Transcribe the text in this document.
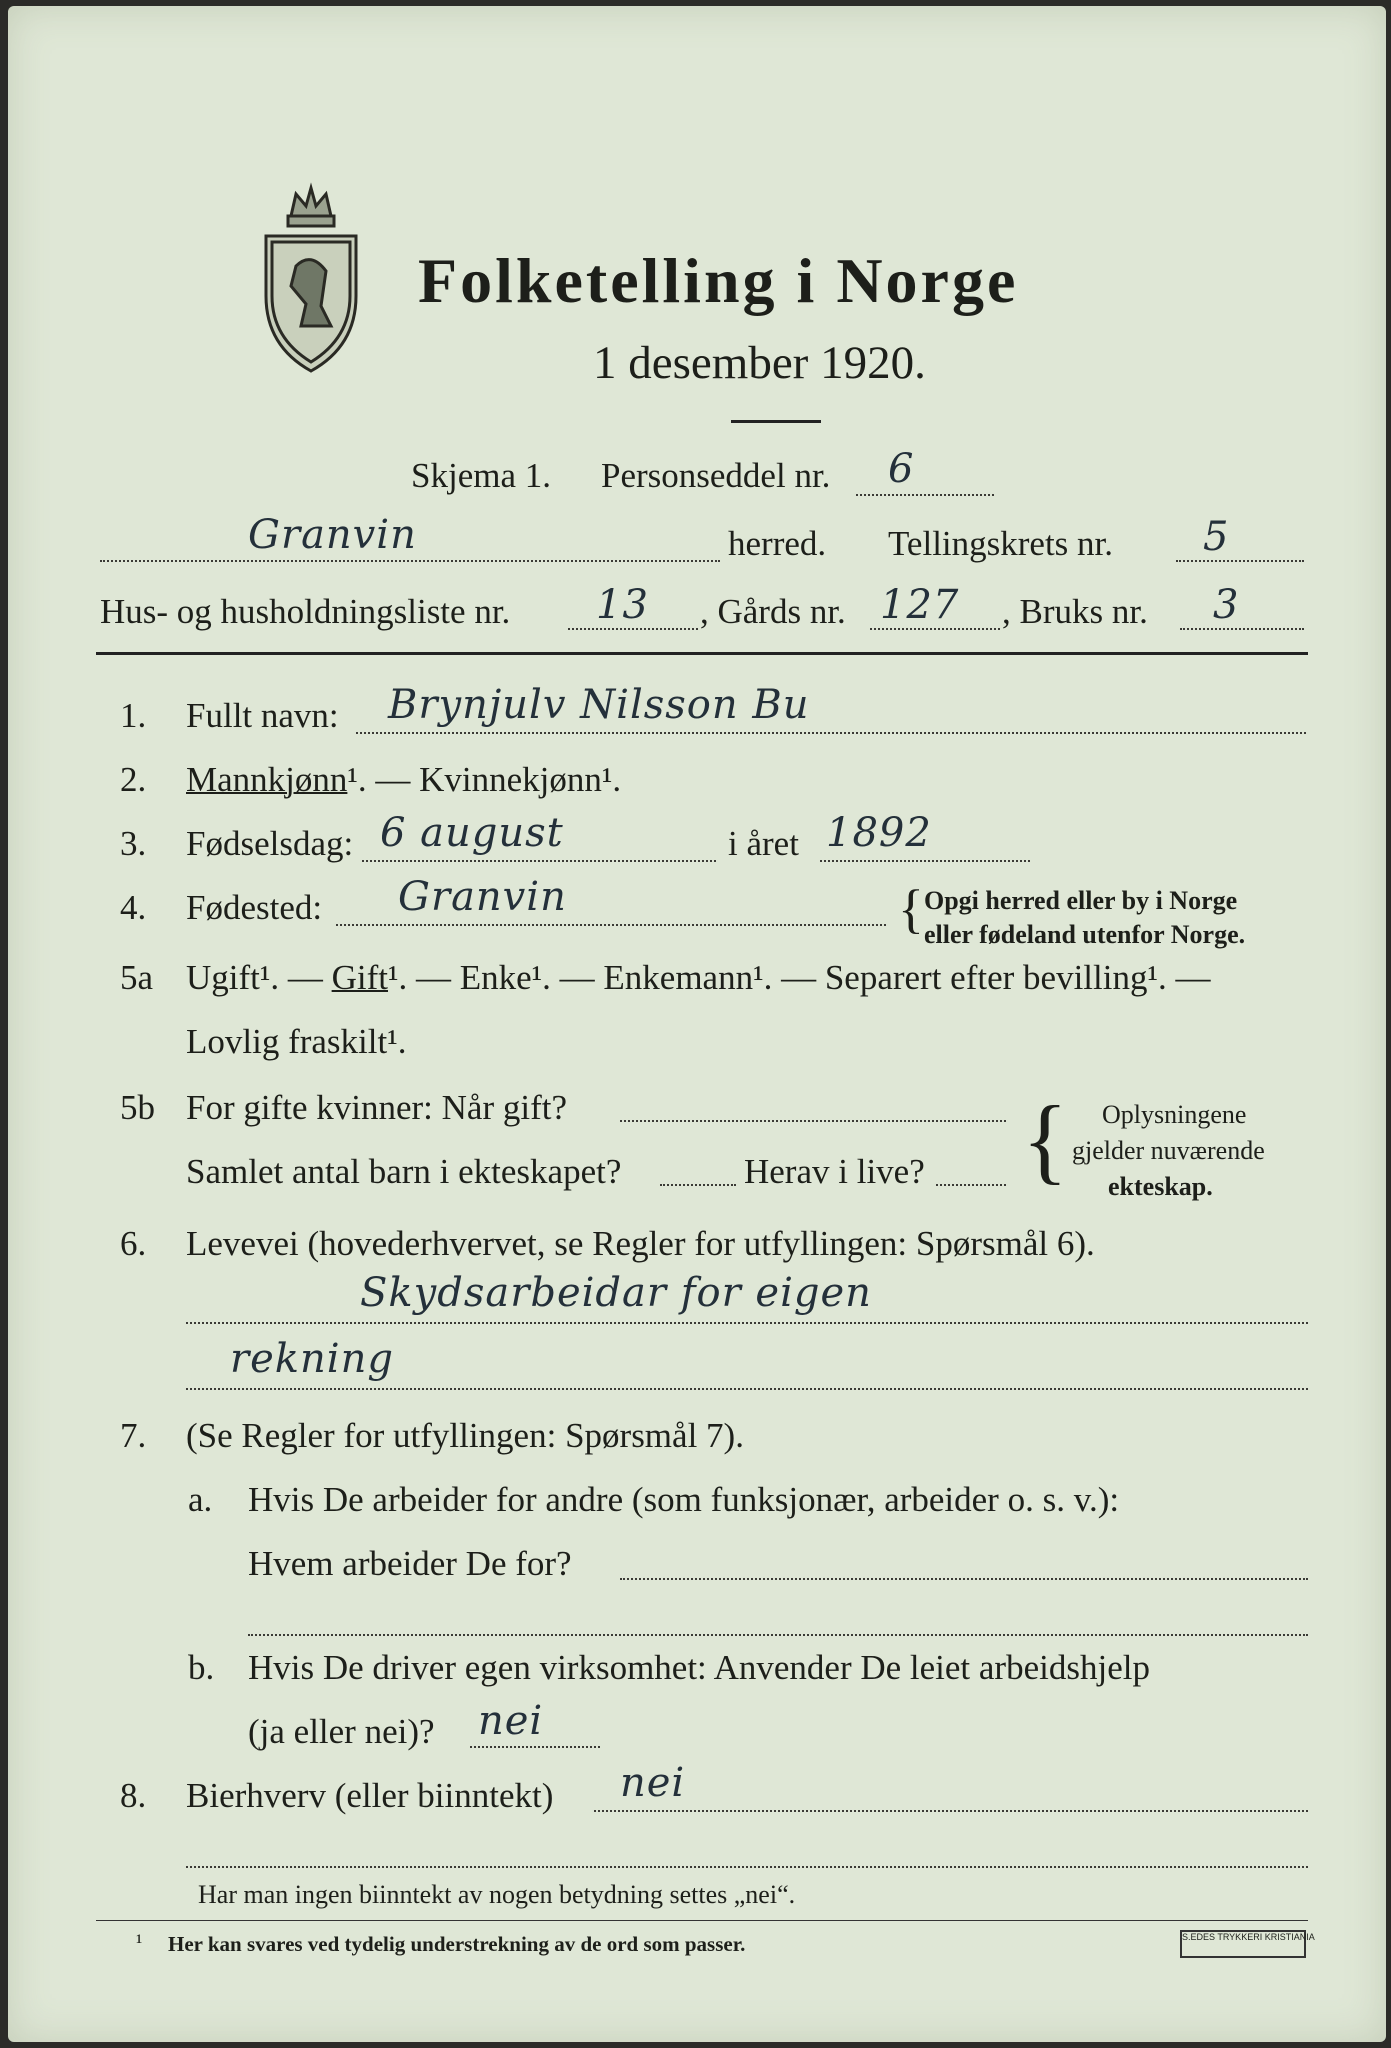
Folketelling i Norge
1 desember 1920.
Skjema 1. Personseddel nr. 6
Granvin	herred. Tellingskrets nr. 5
Hus- og husholdningsliste nr. 13 , Gårds nr. 127 , Bruks nr. 3
1. Fullt navn: Brynjulv Nilsson Bu
2. Mannkjønn¹. — Kvinnekjønn¹.
3. Fødselsdag: 6 august	i året 1892
4. Fødested: Granvin	{ Opgi herred eller by i Norge
eller fødeland utenfor Norge.
5a Ugift¹. — Gift¹. — Enke¹. — Enkemann¹. — Separert efter bevilling¹. —
Lovlig fraskilt¹.
5b For gifte kvinner: Når gift?
Samlet antal barn i ekteskapet?	Herav i live? { Oplysningene
gjelder nuværende
ekteskap.
6. Levevei (hovederhvervet, se Regler for utfyllingen: Spørsmål 6).
Skydsarbeidar for eigen
rekning
7. (Se Regler for utfyllingen: Spørsmål 7).
a. Hvis De arbeider for andre (som funksjonær, arbeider o. s. v.):
Hvem arbeider De for?
b. Hvis De driver egen virksomhet: Anvender De leiet arbeidshjelp
(ja eller nei)? nei
8. Bierhverv (eller biinntekt) nei
Har man ingen biinntekt av nogen betydning settes „nei“.
¹ Her kan svares ved tydelig understrekning av de ord som passer.	S.EDES TRYKKERI KRISTIANIA
